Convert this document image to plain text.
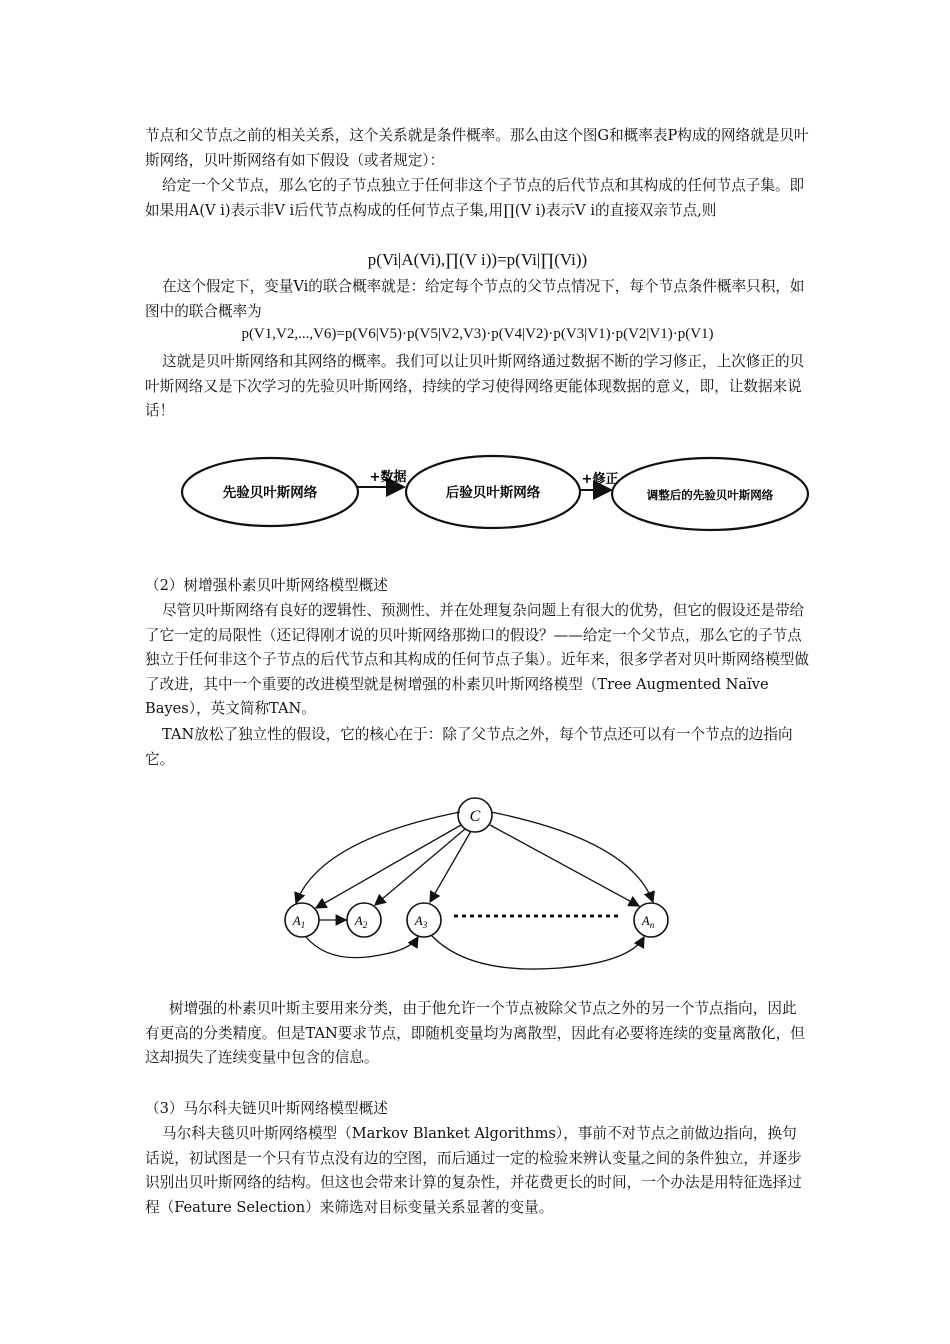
节点和父节点之前的相关关系，这个关系就是条件概率。那么由这个图G和概率表P构成的网络就是贝叶斯网络，贝叶斯网络有如下假设（或者规定）：

给定一个父节点，那么它的子节点独立于任何非这个子节点的后代节点和其构成的任何节点子集。即如果用A(V i)表示非V i后代节点构成的任何节点子集,用∏(V i)表示V i的直接双亲节点,则

p(Vi|A(Vi),∏(V i))=p(Vi|∏(Vi))

在这个假定下，变量Vi的联合概率就是：给定每个节点的父节点情况下，每个节点条件概率只积，如图中的联合概率为

p(V1,V2,...,V6)=p(V6|V5)·p(V5|V2,V3)·p(V4|V2)·p(V3|V1)·p(V2|V1)·p(V1)

这就是贝叶斯网络和其网络的概率。我们可以让贝叶斯网络通过数据不断的学习修正，上次修正的贝叶斯网络又是下次学习的先验贝叶斯网络，持续的学习使得网络更能体现数据的意义，即，让数据来说话！

先验贝叶斯网络	后验贝叶斯网络	调整后的先验贝叶斯网络
+数据	+修正
（2）树增强朴素贝叶斯网络模型概述

尽管贝叶斯网络有良好的逻辑性、预测性、并在处理复杂问题上有很大的优势，但它的假设还是带给了它一定的局限性（还记得刚才说的贝叶斯网络那拗口的假设？——给定一个父节点，那么它的子节点独立于任何非这个子节点的后代节点和其构成的任何节点子集）。近年来，很多学者对贝叶斯网络模型做了改进，其中一个重要的改进模型就是树增强的朴素贝叶斯网络模型（Tree Augmented Naïve Bayes），英文简称TAN。

TAN放松了独立性的假设，它的核心在于：除了父节点之外，每个节点还可以有一个节点的边指向它。

C
$A_1$	$A_2$	$A_3$	$A_n$

树增强的朴素贝叶斯主要用来分类，由于他允许一个节点被除父节点之外的另一个节点指向，因此有更高的分类精度。但是TAN要求节点，即随机变量均为离散型，因此有必要将连续的变量离散化，但这却损失了连续变量中包含的信息。

（3）马尔科夫链贝叶斯网络模型概述

马尔科夫毯贝叶斯网络模型（Markov Blanket Algorithms），事前不对节点之前做边指向，换句话说，初试图是一个只有节点没有边的空图，而后通过一定的检验来辨认变量之间的条件独立，并逐步识别出贝叶斯网络的结构。但这也会带来计算的复杂性，并花费更长的时间，一个办法是用特征选择过程（Feature Selection）来筛选对目标变量关系显著的变量。
